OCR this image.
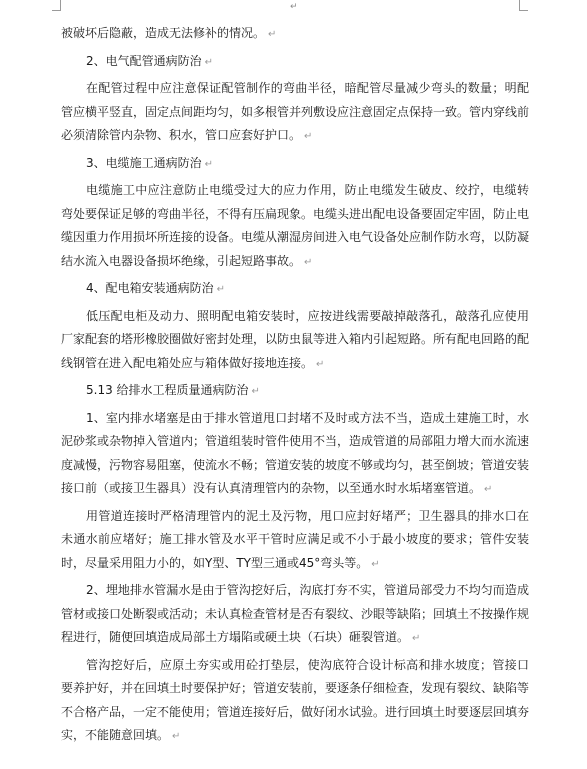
↵

被破坏后隐蔽，造成无法修补的情况。 ↵

2、电气配管通病防治 ↵

在配管过程中应注意保证配管制作的弯曲半径，暗配管尽量减少弯头的数量；明配管应横平竖直，固定点间距均匀，如多根管并列敷设应注意固定点保持一致。管内穿线前必须清除管内杂物、积水，管口应套好护口。 ↵

3、电缆施工通病防治 ↵

电缆施工中应注意防止电缆受过大的应力作用，防止电缆发生破皮、绞拧，电缆转弯处要保证足够的弯曲半径，不得有压扁现象。电缆头进出配电设备要固定牢固，防止电缆因重力作用损坏所连接的设备。电缆从潮湿房间进入电气设备处应制作防水弯，以防凝结水流入电器设备损坏绝缘，引起短路事故。 ↵

4、配电箱安装通病防治 ↵

低压配电柜及动力、照明配电箱安装时，应按进线需要敲掉敲落孔，敲落孔应使用厂家配套的塔形橡胶圈做好密封处理，以防虫鼠等进入箱内引起短路。所有配电回路的配线钢管在进入配电箱处应与箱体做好接地连接。 ↵

5.13 给排水工程质量通病防治 ↵

1、室内排水堵塞是由于排水管道甩口封堵不及时或方法不当，造成土建施工时，水泥砂浆或杂物掉入管道内；管道组装时管件使用不当，造成管道的局部阻力增大而水流速度减慢，污物容易阻塞，使流水不畅；管道安装的坡度不够或均匀，甚至倒坡；管道安装接口前（或接卫生器具）没有认真清理管内的杂物，以至通水时水垢堵塞管道。 ↵

用管道连接时严格清理管内的泥土及污物，甩口应封好堵严；卫生器具的排水口在未通水前应堵好；施工排水管及水平干管时应满足或不小于最小坡度的要求；管件安装时，尽量采用阻力小的，如Y型、TY型三通或45°弯头等。 ↵

2、埋地排水管漏水是由于管沟挖好后，沟底打夯不实，管道局部受力不均匀而造成管材或接口处断裂或活动；未认真检查管材是否有裂纹、沙眼等缺陷；回填土不按操作规程进行，随便回填造成局部土方塌陷或硬土块（石块）砸裂管道。 ↵

管沟挖好后，应原土夯实或用砼打垫层，使沟底符合设计标高和排水坡度；管接口要养护好，并在回填土时要保护好；管道安装前，要逐条仔细检查，发现有裂纹、缺陷等不合格产品，一定不能使用；管道连接好后，做好闭水试验。进行回填土时要逐层回填夯实，不能随意回填。 ↵
